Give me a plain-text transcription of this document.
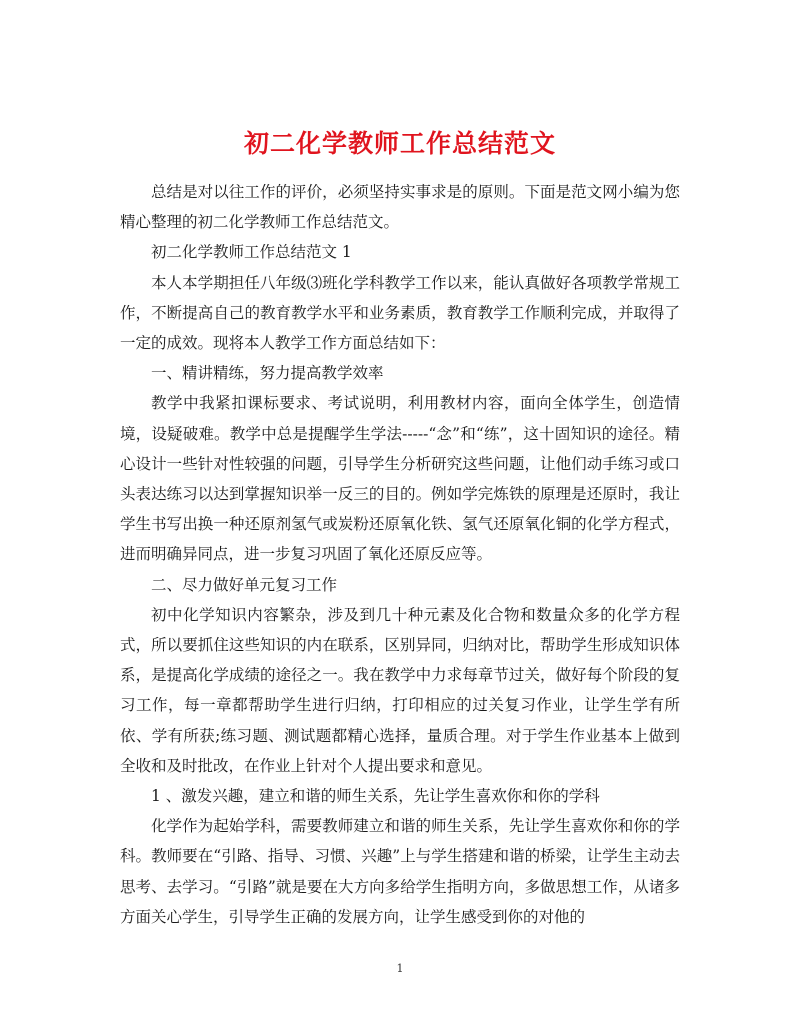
初二化学教师工作总结范文

总结是对以往工作的评价，必须坚持实事求是的原则。下面是范文网小编为您精心整理的初二化学教师工作总结范文。

初二化学教师工作总结范文 1

本人本学期担任八年级⑶班化学科教学工作以来，能认真做好各项教学常规工作，不断提高自己的教育教学水平和业务素质，教育教学工作顺利完成，并取得了一定的成效。现将本人教学工作方面总结如下：

一、精讲精练，努力提高教学效率

教学中我紧扣课标要求、考试说明，利用教材内容，面向全体学生，创造情境，设疑破难。教学中总是提醒学生学法-----“念”和“练”，这十固知识的途径。精心设计一些针对性较强的问题，引导学生分析研究这些问题，让他们动手练习或口头表达练习以达到掌握知识举一反三的目的。例如学完炼铁的原理是还原时，我让学生书写出换一种还原剂氢气或炭粉还原氧化铁、氢气还原氧化铜的化学方程式，进而明确异同点，进一步复习巩固了氧化还原反应等。

二、尽力做好单元复习工作

初中化学知识内容繁杂，涉及到几十种元素及化合物和数量众多的化学方程式，所以要抓住这些知识的内在联系，区别异同，归纳对比，帮助学生形成知识体系，是提高化学成绩的途径之一。我在教学中力求每章节过关，做好每个阶段的复习工作，每一章都帮助学生进行归纳，打印相应的过关复习作业，让学生学有所依、学有所获;练习题、测试题都精心选择，量质合理。对于学生作业基本上做到全收和及时批改，在作业上针对个人提出要求和意见。

1 、激发兴趣，建立和谐的师生关系，先让学生喜欢你和你的学科

化学作为起始学科，需要教师建立和谐的师生关系，先让学生喜欢你和你的学科。教师要在“引路、指导、习惯、兴趣”上与学生搭建和谐的桥梁，让学生主动去思考、去学习。“引路”就是要在大方向多给学生指明方向，多做思想工作，从诸多方面关心学生，引导学生正确的发展方向，让学生感受到你的对他的

1
